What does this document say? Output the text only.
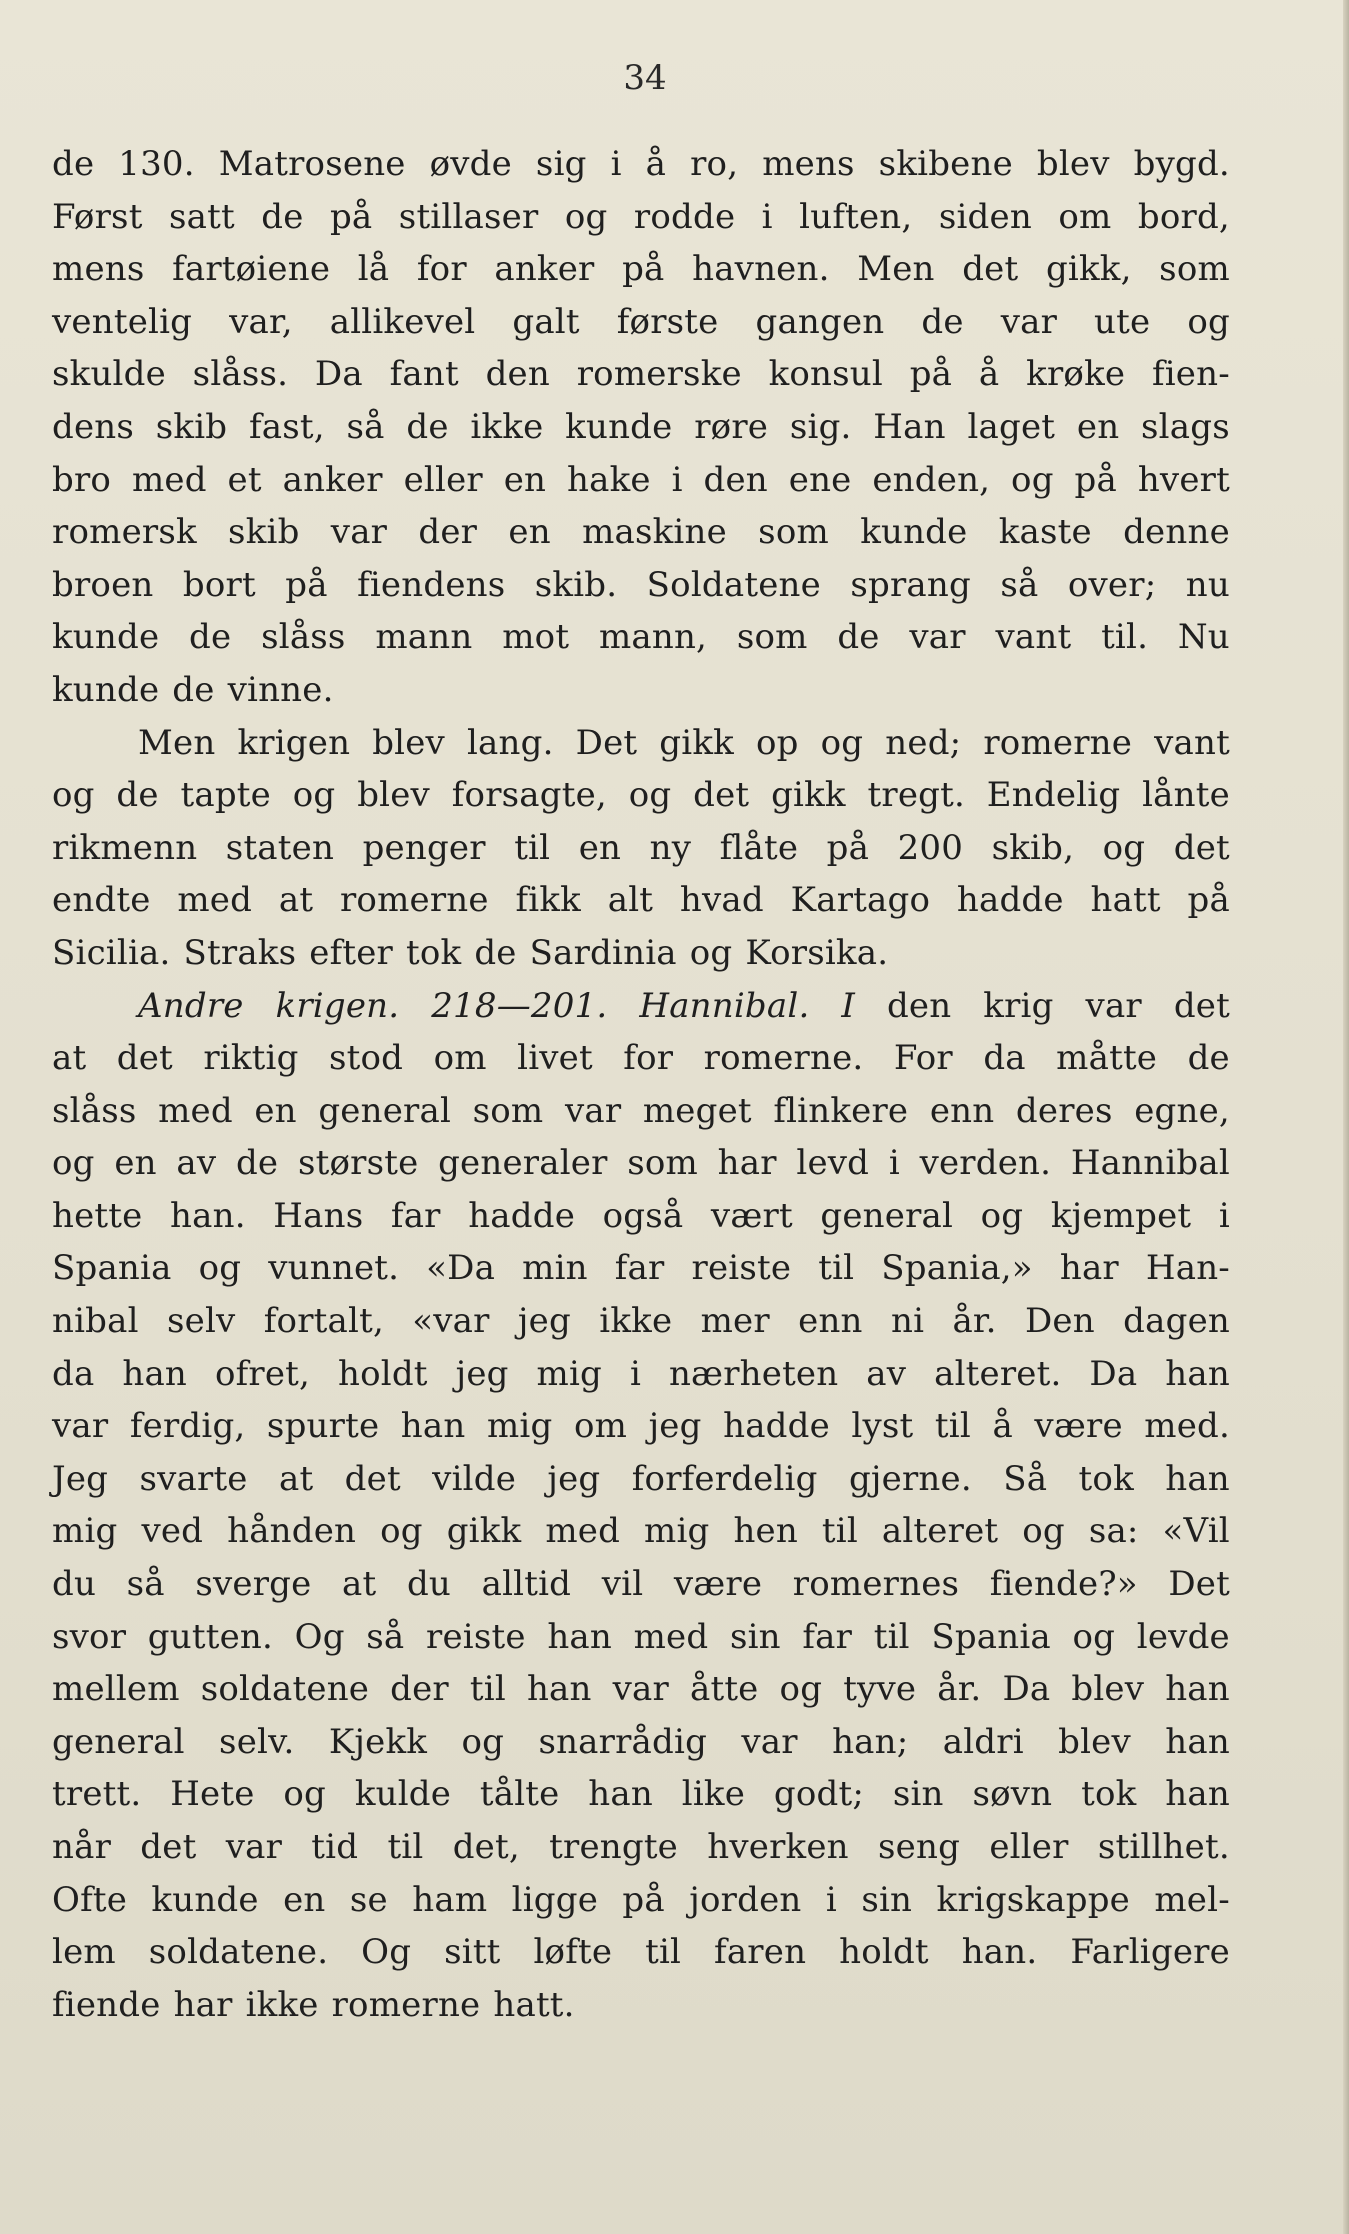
34
de 130. Matrosene øvde sig i å ro, mens skibene blev bygd.
Først satt de på stillaser og rodde i luften, siden om bord,
mens fartøiene lå for anker på havnen. Men det gikk, som
ventelig var, allikevel galt første gangen de var ute og
skulde slåss. Da fant den romerske konsul på å krøke fien-
dens skib fast, så de ikke kunde røre sig. Han laget en slags
bro med et anker eller en hake i den ene enden, og på hvert
romersk skib var der en maskine som kunde kaste denne
broen bort på fiendens skib. Soldatene sprang så over; nu
kunde de slåss mann mot mann, som de var vant til. Nu
kunde de vinne.
Men krigen blev lang. Det gikk op og ned; romerne vant
og de tapte og blev forsagte, og det gikk tregt. Endelig lånte
rikmenn staten penger til en ny flåte på 200 skib, og det
endte med at romerne fikk alt hvad Kartago hadde hatt på
Sicilia. Straks efter tok de Sardinia og Korsika.
Andre krigen. 218—201. Hannibal. I den krig var det
at det riktig stod om livet for romerne. For da måtte de
slåss med en general som var meget flinkere enn deres egne,
og en av de største generaler som har levd i verden. Hannibal
hette han. Hans far hadde også vært general og kjempet i
Spania og vunnet. «Da min far reiste til Spania,» har Han-
nibal selv fortalt, «var jeg ikke mer enn ni år. Den dagen
da han ofret, holdt jeg mig i nærheten av alteret. Da han
var ferdig, spurte han mig om jeg hadde lyst til å være med.
Jeg svarte at det vilde jeg forferdelig gjerne. Så tok han
mig ved hånden og gikk med mig hen til alteret og sa: «Vil
du så sverge at du alltid vil være romernes fiende?» Det
svor gutten. Og så reiste han med sin far til Spania og levde
mellem soldatene der til han var åtte og tyve år. Da blev han
general selv. Kjekk og snarrådig var han; aldri blev han
trett. Hete og kulde tålte han like godt; sin søvn tok han
når det var tid til det, trengte hverken seng eller stillhet.
Ofte kunde en se ham ligge på jorden i sin krigskappe mel-
lem soldatene. Og sitt løfte til faren holdt han. Farligere
fiende har ikke romerne hatt.
